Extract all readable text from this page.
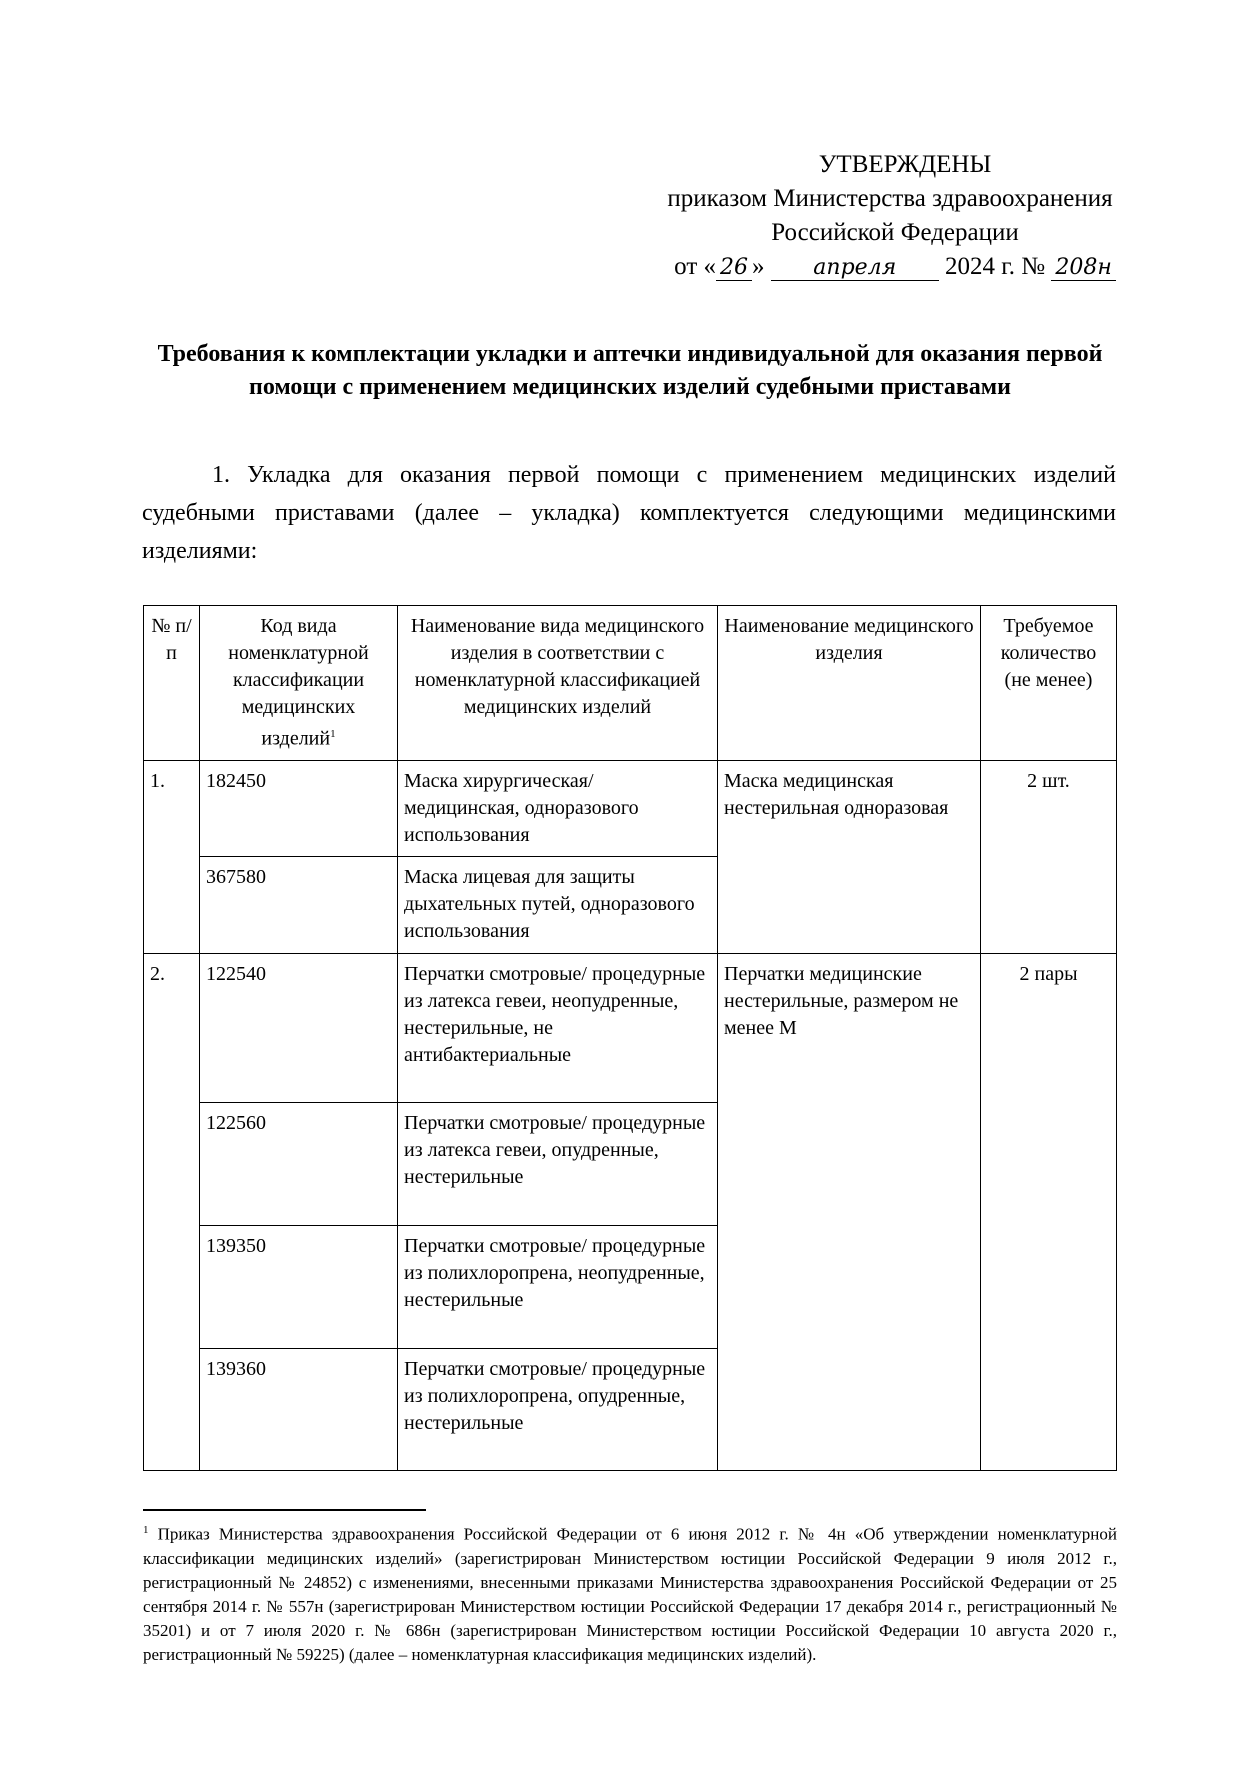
УТВЕРЖДЕНЫ
приказом Министерства здравоохранения
Российской Федерации
от « 26 » апреля 2024 г. № 208н
Требования к комплектации укладки и аптечки индивидуальной для оказания первой помощи с применением медицинских изделий судебными приставами
1. Укладка для оказания первой помощи с применением медицинских изделий судебными приставами (далее – укладка) комплектуется следующими медицинскими изделиями:
№ п/п	Код вида номенклатурной классификации медицинских изделий$^1$	Наименование вида медицинского изделия в соответствии с номенклатурной классификацией медицинских изделий	Наименование медицинского изделия	Требуемое количество (не менее)
1.	182450	Маска хирургическая/ медицинская, одноразового использования	Маска медицинская нестерильная одноразовая	2 шт.
	367580	Маска лицевая для защиты дыхательных путей, одноразового использования		
2.	122540	Перчатки смотровые/ процедурные из латекса гевеи, неопудренные, нестерильные, не антибактериальные	Перчатки медицинские нестерильные, размером не менее M	2 пары
	122560	Перчатки смотровые/ процедурные из латекса гевеи, опудренные, нестерильные		
	139350	Перчатки смотровые/ процедурные из полихлоропрена, неопудренные, нестерильные		
	139360	Перчатки смотровые/ процедурные из полихлоропрена, опудренные, нестерильные		
$^1$ Приказ Министерства здравоохранения Российской Федерации от 6 июня 2012 г. № 4н «Об утверждении номенклатурной классификации медицинских изделий» (зарегистрирован Министерством юстиции Российской Федерации 9 июля 2012 г., регистрационный № 24852) с изменениями, внесенными приказами Министерства здравоохранения Российской Федерации от 25 сентября 2014 г. № 557н (зарегистрирован Министерством юстиции Российской Федерации 17 декабря 2014 г., регистрационный № 35201) и от 7 июля 2020 г. № 686н (зарегистрирован Министерством юстиции Российской Федерации 10 августа 2020 г., регистрационный № 59225) (далее – номенклатурная классификация медицинских изделий).
